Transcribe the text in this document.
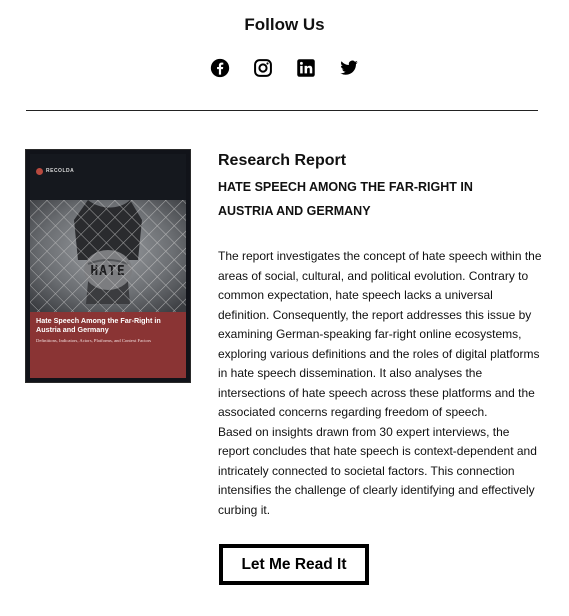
Follow Us
RECOLDA
Hate Speech Among the Far-Right in Austria and Germany
Definitions, Indicators, Actors, Platforms, and Context Factors
Research Report
HATE SPEECH AMONG THE FAR-RIGHT IN AUSTRIA AND GERMANY

The report investigates the concept of hate speech within the areas of social, cultural, and political evolution. Contrary to common expectation, hate speech lacks a universal definition. Consequently, the report addresses this issue by examining German-speaking far-right online ecosystems, exploring various definitions and the roles of digital platforms in hate speech dissemination. It also analyses the intersections of hate speech across these platforms and the associated concerns regarding freedom of speech.

Based on insights drawn from 30 expert interviews, the report concludes that hate speech is context-dependent and intricately connected to societal factors. This connection intensifies the challenge of clearly identifying and effectively curbing it.

Let Me Read It
